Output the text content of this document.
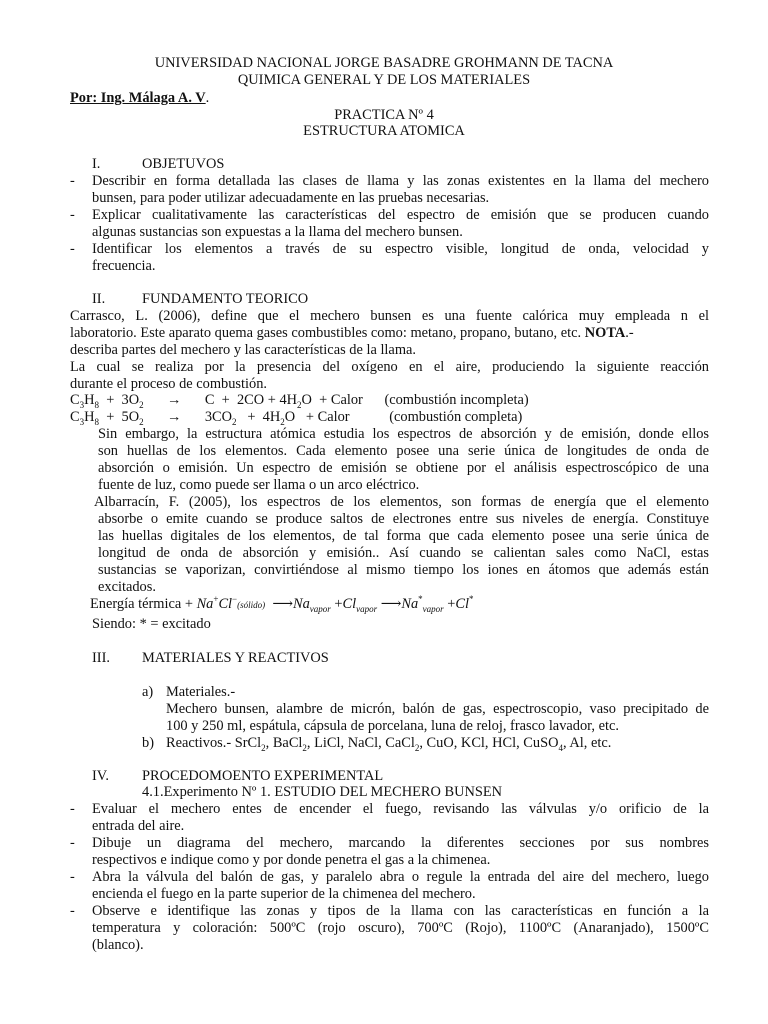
UNIVERSIDAD NACIONAL JORGE BASADRE GROHMANN DE TACNA
QUIMICA GENERAL Y DE LOS MATERIALES
Por: Ing. Málaga A. V.
PRACTICA Nº 4
ESTRUCTURA ATOMICA
I.	OBJETUVOS
- Describir en forma detallada las clases de llama y las zonas existentes en la llama del mechero
bunsen, para poder utilizar adecuadamente en las pruebas necesarias.
- Explicar cualitativamente las características del espectro de emisión que se producen cuando
algunas sustancias son expuestas a la llama del mechero bunsen.
- Identificar los elementos a través de su espectro visible, longitud de onda, velocidad y
frecuencia.
II.	FUNDAMENTO TEORICO
Carrasco, L. (2006), define que el mechero bunsen es una fuente calórica muy empleada n el
laboratorio. Este aparato quema gases combustibles como: metano, propano, butano, etc. NOTA.-
describa partes del mechero y las características de la llama.
La cual se realiza por la presencia del oxígeno en el aire, produciendo la siguiente reacción
durante el proceso de combustión.
$C_3H_8 + 3O_2 \to C + 2CO + 4H_2O$  + Calor (combustión incompleta)
$C_3H_8 + 5O_2 \to 3CO_2 + 4H_2O$   + Calor	(combustión completa)
Sin embargo, la estructura atómica estudia los espectros de absorción y de emisión, donde ellos
son huellas de los elementos. Cada elemento posee una serie única de longitudes de onda de
absorción o emisión. Un espectro de emisión se obtiene por el análisis espectroscópico de una
fuente de luz, como puede ser llama o un arco eléctrico.
Albarracín, F. (2005), los espectros de los elementos, son formas de energía que el elemento
absorbe o emite cuando se produce saltos de electrones entre sus niveles de energía. Constituye
las huellas digitales de los elementos, de tal forma que cada elemento posee una serie única de
longitud de onda de absorción y emisión.. Así cuando se calientan sales como NaCl, estas
sustancias se vaporizan, convirtiéndose al mismo tiempo los iones en átomos que además están
excitados.
Energía térmica + Na+Cl−(sólido)  $⟶Na_{vapor} +Cl_{vapor}$ $⟶Na^*_{vapor} +Cl^*$
Siendo: * = excitado
III. MATERIALES Y REACTIVOS
a) Materiales.-
Mechero bunsen, alambre de micrón, balón de gas, espectroscopio, vaso precipitado de
100 y 250 ml, espátula, cápsula de porcelana, luna de reloj, frasco lavador, etc.
b) Reactivos.- SrCl$_2$, BaCl$_2$, LiCl, NaCl, CaCl$_2$, CuO, KCl, HCl, CuSO$_4$, Al, etc.
IV. PROCEDOMOENTO EXPERIMENTAL
4.1.Experimento Nº 1. ESTUDIO DEL MECHERO BUNSEN
- Evaluar el mechero entes de encender el fuego, revisando las válvulas y/o orificio de la
entrada del aire.
- Dibuje un diagrama del mechero, marcando la diferentes secciones por sus nombres
respectivos e indique como y por donde penetra el gas a la chimenea.
- Abra la válvula del balón de gas, y paralelo abra o regule la entrada del aire del mechero, luego
encienda el fuego en la parte superior de la chimenea del mechero.
- Observe e identifique las zonas y tipos de la llama con las características en función a la
temperatura y coloración: 500ºC (rojo oscuro), 700ºC (Rojo), 1100ºC (Anaranjado), 1500ºC
(blanco).
